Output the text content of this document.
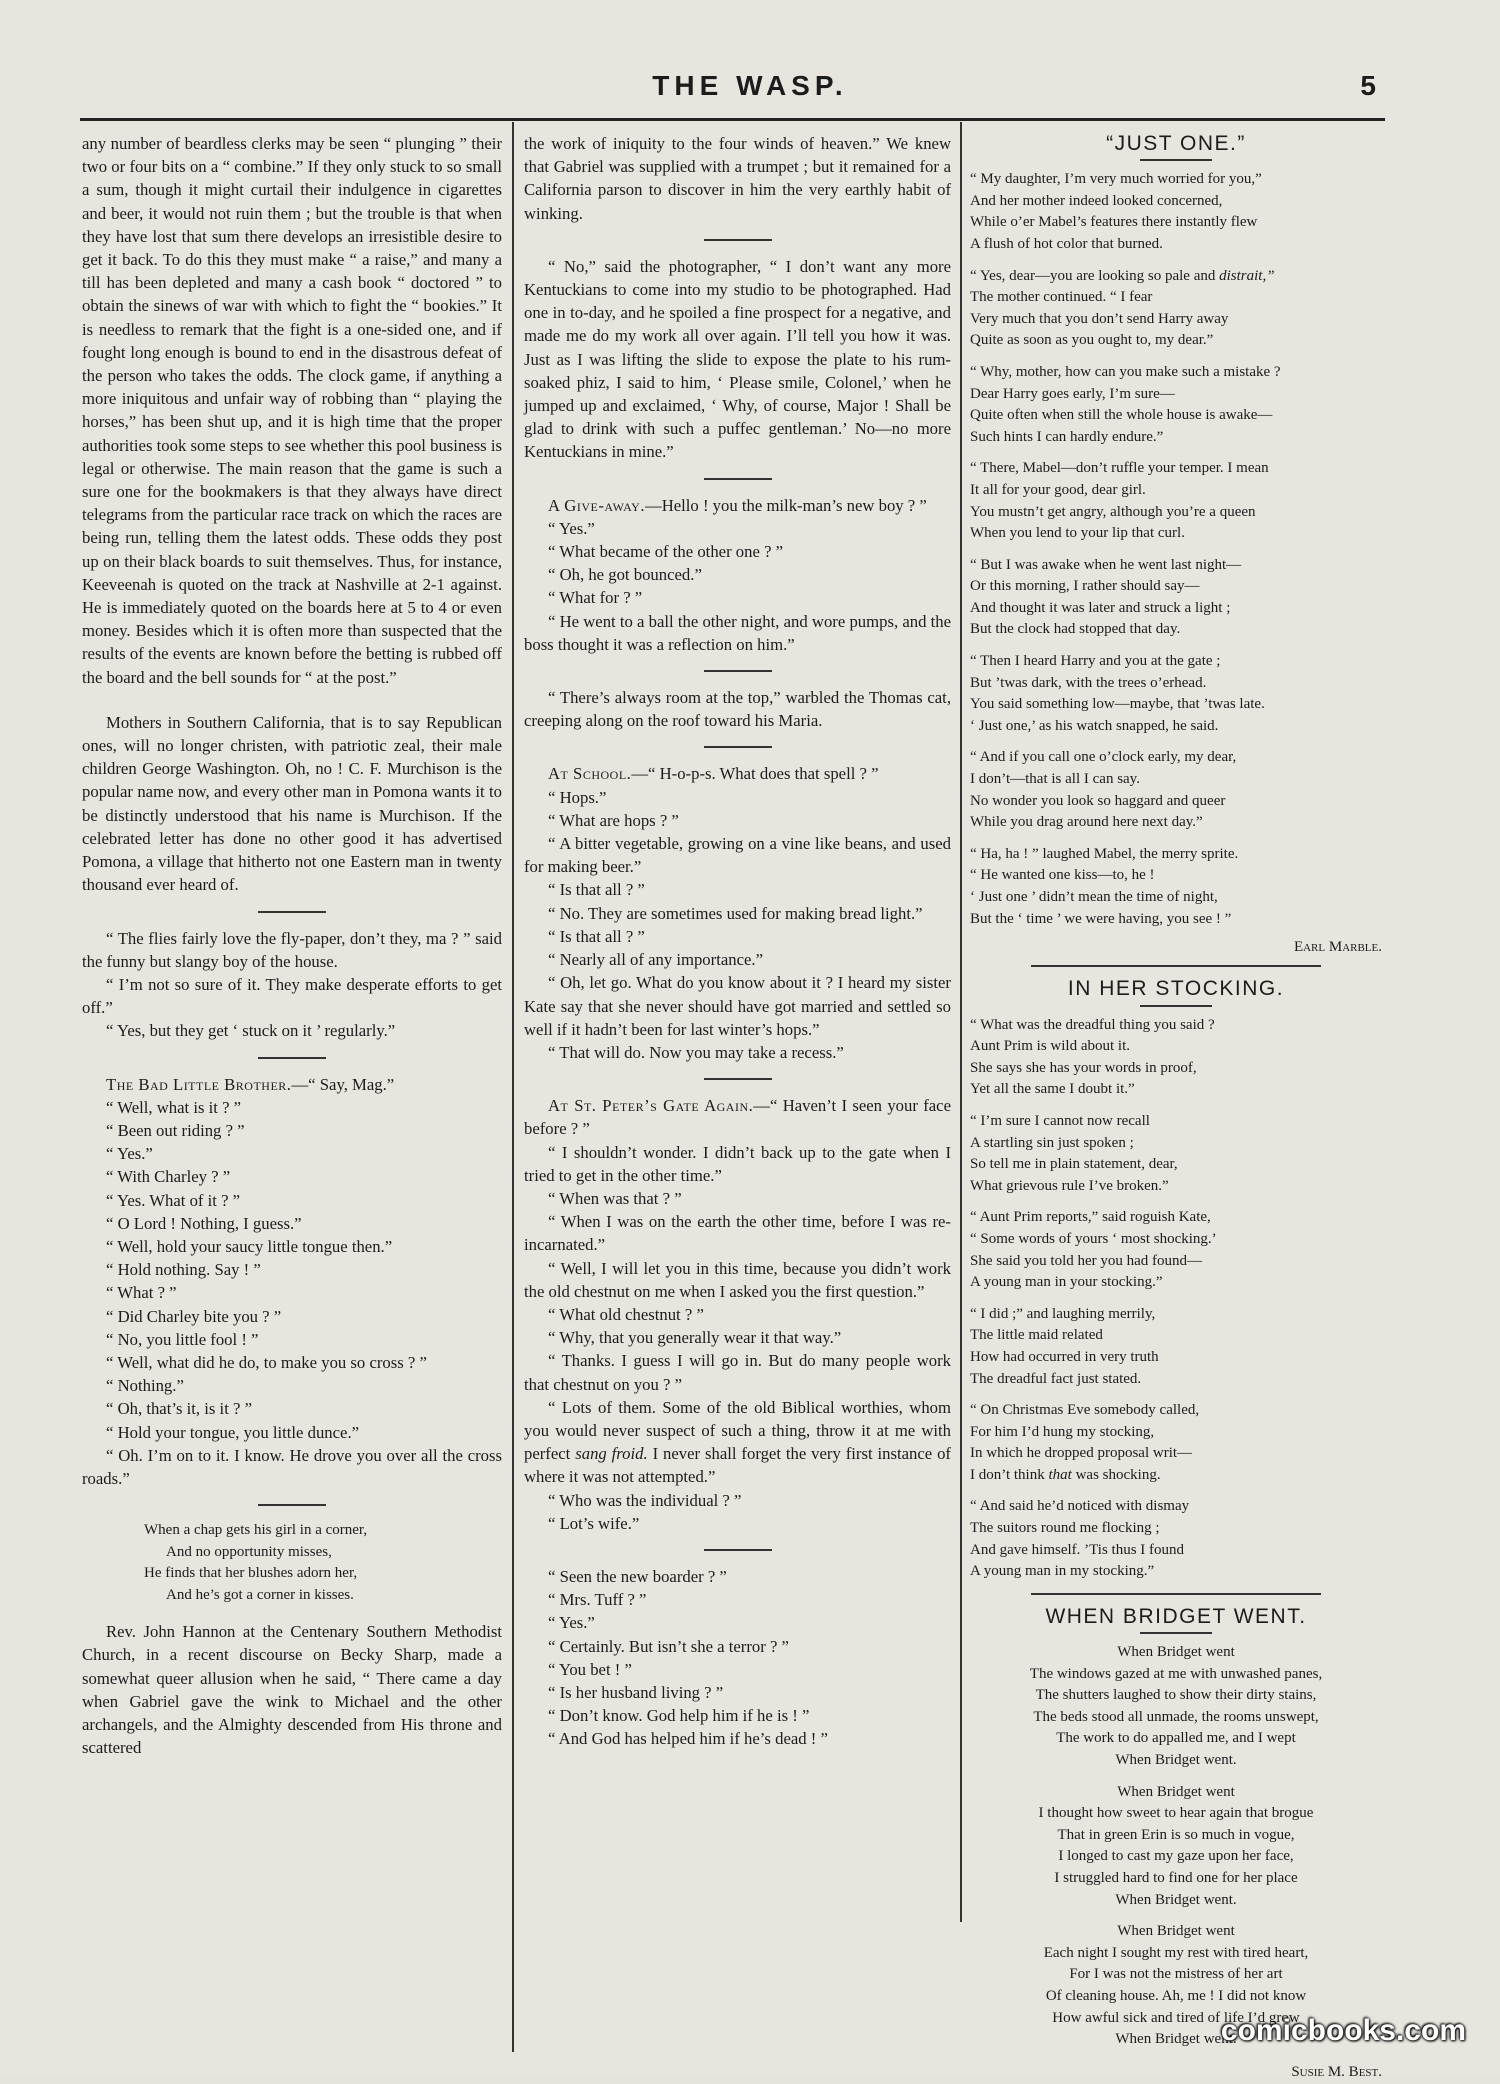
THE WASP.	5

any number of beardless clerks may be seen “ plunging ” their two or four bits on a “ combine.” If they only stuck to so small a sum, though it might curtail their indulgence in cigarettes and beer, it would not ruin them ; but the trouble is that when they have lost that sum there develops an irresistible desire to get it back. To do this they must make “ a raise,” and many a till has been depleted and many a cash book “ doctored ” to obtain the sinews of war with which to fight the “ bookies.” It is needless to remark that the fight is a one-sided one, and if fought long enough is bound to end in the disastrous defeat of the person who takes the odds. The clock game, if anything a more iniquitous and unfair way of robbing than “ playing the horses,” has been shut up, and it is high time that the proper authorities took some steps to see whether this pool business is legal or otherwise. The main reason that the game is such a sure one for the bookmakers is that they always have direct telegrams from the particular race track on which the races are being run, telling them the latest odds. These odds they post up on their black boards to suit themselves. Thus, for instance, Keeveenah is quoted on the track at Nashville at 2-1 against. He is immediately quoted on the boards here at 5 to 4 or even money. Besides which it is often more than suspected that the results of the events are known before the betting is rubbed off the board and the bell sounds for “ at the post.”

Mothers in Southern California, that is to say Republican ones, will no longer christen, with patriotic zeal, their male children George Washington. Oh, no ! C. F. Murchison is the popular name now, and every other man in Pomona wants it to be distinctly understood that his name is Murchison. If the celebrated letter has done no other good it has advertised Pomona, a village that hitherto not one Eastern man in twenty thousand ever heard of.

“ The flies fairly love the fly-paper, don’t they, ma ? ” said the funny but slangy boy of the house.

“ I’m not so sure of it. They make desperate efforts to get off.”

“ Yes, but they get ‘ stuck on it ’ regularly.”

The Bad Little Brother.—“ Say, Mag.”

“ Well, what is it ? ”

“ Been out riding ? ”

“ Yes.”

“ With Charley ? ”

“ Yes. What of it ? ”

“ O Lord ! Nothing, I guess.”

“ Well, hold your saucy little tongue then.”

“ Hold nothing. Say ! ”

“ What ? ”

“ Did Charley bite you ? ”

“ No, you little fool ! ”

“ Well, what did he do, to make you so cross ? ”

“ Nothing.”

“ Oh, that’s it, is it ? ”

“ Hold your tongue, you little dunce.”

“ Oh. I’m on to it. I know. He drove you over all the cross roads.”

When a chap gets his girl in a corner,
And no opportunity misses,
He finds that her blushes adorn her,
And he’s got a corner in kisses.

Rev. John Hannon at the Centenary Southern Methodist Church, in a recent discourse on Becky Sharp, made a somewhat queer allusion when he said, “ There came a day when Gabriel gave the wink to Michael and the other archangels, and the Almighty descended from His throne and scattered

the work of iniquity to the four winds of heaven.” We knew that Gabriel was supplied with a trumpet ; but it remained for a California parson to discover in him the very earthly habit of winking.

“ No,” said the photographer, “ I don’t want any more Kentuckians to come into my studio to be photographed. Had one in to-day, and he spoiled a fine prospect for a negative, and made me do my work all over again. I’ll tell you how it was. Just as I was lifting the slide to expose the plate to his rum-soaked phiz, I said to him, ‘ Please smile, Colonel,’ when he jumped up and exclaimed, ‘ Why, of course, Major ! Shall be glad to drink with such a puffec gentleman.’ No—no more Kentuckians in mine.”

A Give-away.—Hello ! you the milk-man’s new boy ? ”

“ Yes.”

“ What became of the other one ? ”

“ Oh, he got bounced.”

“ What for ? ”

“ He went to a ball the other night, and wore pumps, and the boss thought it was a reflection on him.”

“ There’s always room at the top,” warbled the Thomas cat, creeping along on the roof toward his Maria.

At School.—“ H-o-p-s. What does that spell ? ”

“ Hops.”

“ What are hops ? ”

“ A bitter vegetable, growing on a vine like beans, and used for making beer.”

“ Is that all ? ”

“ No. They are sometimes used for making bread light.”

“ Is that all ? ”

“ Nearly all of any importance.”

“ Oh, let go. What do you know about it ? I heard my sister Kate say that she never should have got married and settled so well if it hadn’t been for last winter’s hops.”

“ That will do. Now you may take a recess.”

At St. Peter’s Gate Again.—“ Haven’t I seen your face before ? ”

“ I shouldn’t wonder. I didn’t back up to the gate when I tried to get in the other time.”

“ When was that ? ”

“ When I was on the earth the other time, before I was re-incarnated.”

“ Well, I will let you in this time, because you didn’t work the old chestnut on me when I asked you the first question.”

“ What old chestnut ? ”

“ Why, that you generally wear it that way.”

“ Thanks. I guess I will go in. But do many people work that chestnut on you ? ”

“ Lots of them. Some of the old Biblical worthies, whom you would never suspect of such a thing, throw it at me with perfect sang froid. I never shall forget the very first instance of where it was not attempted.”

“ Who was the individual ? ”

“ Lot’s wife.”

“ Seen the new boarder ? ”

“ Mrs. Tuff ? ”

“ Yes.”

“ Certainly. But isn’t she a terror ? ”

“ You bet ! ”

“ Is her husband living ? ”

“ Don’t know. God help him if he is ! ”

“ And God has helped him if he’s dead ! ”

“JUST ONE.”
“ My daughter, I’m very much worried for you,”
And her mother indeed looked concerned,
While o’er Mabel’s features there instantly flew
A flush of hot color that burned.
“ Yes, dear—you are looking so pale and distrait,”
The mother continued. “ I fear
Very much that you don’t send Harry away
Quite as soon as you ought to, my dear.”
“ Why, mother, how can you make such a mistake ?
Dear Harry goes early, I’m sure—
Quite often when still the whole house is awake—
Such hints I can hardly endure.”
“ There, Mabel—don’t ruffle your temper. I mean
It all for your good, dear girl.
You mustn’t get angry, although you’re a queen
When you lend to your lip that curl.
“ But I was awake when he went last night—
Or this morning, I rather should say—
And thought it was later and struck a light ;
But the clock had stopped that day.
“ Then I heard Harry and you at the gate ;
But ’twas dark, with the trees o’erhead.
You said something low—maybe, that ’twas late.
‘ Just one,’ as his watch snapped, he said.
“ And if you call one o’clock early, my dear,
I don’t—that is all I can say.
No wonder you look so haggard and queer
While you drag around here next day.”
“ Ha, ha ! ” laughed Mabel, the merry sprite.
“ He wanted one kiss—to, he !
‘ Just one ’ didn’t mean the time of night,
But the ‘ time ’ we were having, you see ! ”
Earl Marble.
IN HER STOCKING.
“ What was the dreadful thing you said ?
Aunt Prim is wild about it.
She says she has your words in proof,
Yet all the same I doubt it.”
“ I’m sure I cannot now recall
A startling sin just spoken ;
So tell me in plain statement, dear,
What grievous rule I’ve broken.”
“ Aunt Prim reports,” said roguish Kate,
“ Some words of yours ‘ most shocking.’
She said you told her you had found—
A young man in your stocking.”
“ I did ;” and laughing merrily,
The little maid related
How had occurred in very truth
The dreadful fact just stated.
“ On Christmas Eve somebody called,
For him I’d hung my stocking,
In which he dropped proposal writ—
I don’t think that was shocking.
“ And said he’d noticed with dismay
The suitors round me flocking ;
And gave himself. ’Tis thus I found
A young man in my stocking.”
WHEN BRIDGET WENT.
When Bridget went
The windows gazed at me with unwashed panes,
The shutters laughed to show their dirty stains,
The beds stood all unmade, the rooms unswept,
The work to do appalled me, and I wept
When Bridget went.
When Bridget went
I thought how sweet to hear again that brogue
That in green Erin is so much in vogue,
I longed to cast my gaze upon her face,
I struggled hard to find one for her place
When Bridget went.
When Bridget went
Each night I sought my rest with tired heart,
For I was not the mistress of her art
Of cleaning house. Ah, me ! I did not know
How awful sick and tired of life I’d grow
When Bridget went.
Susie M. Best.
comicbooks.com
